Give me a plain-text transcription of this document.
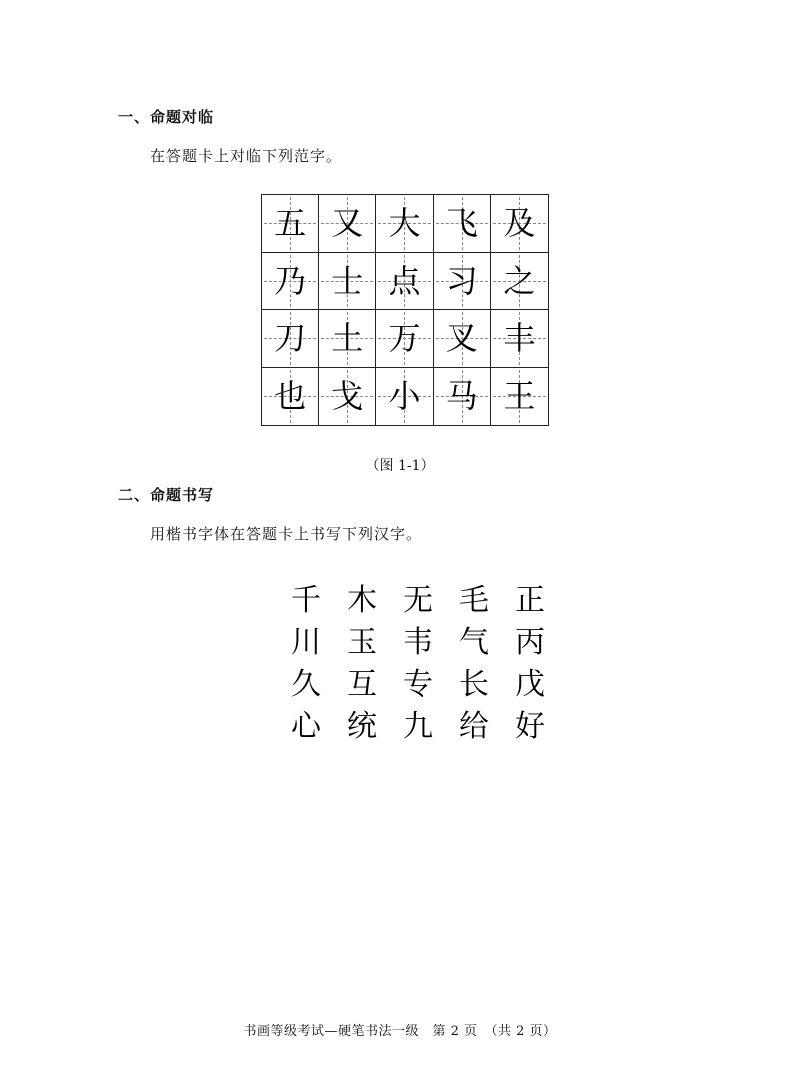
一、命题对临
在答题卡上对临下列范字。
五 又 大 飞 及
乃 士 点 习 之
刀 土 万 叉 丰
也 戈 小 马 王
（图 1-1）
二、命题书写
用楷书字体在答题卡上书写下列汉字。
千 木 无 毛 正
川 玉 韦 气 丙
久 互 专 长 戊
心 统 九 给 好
书画等级考试—硬笔书法一级　第 2 页　（共 2 页）
